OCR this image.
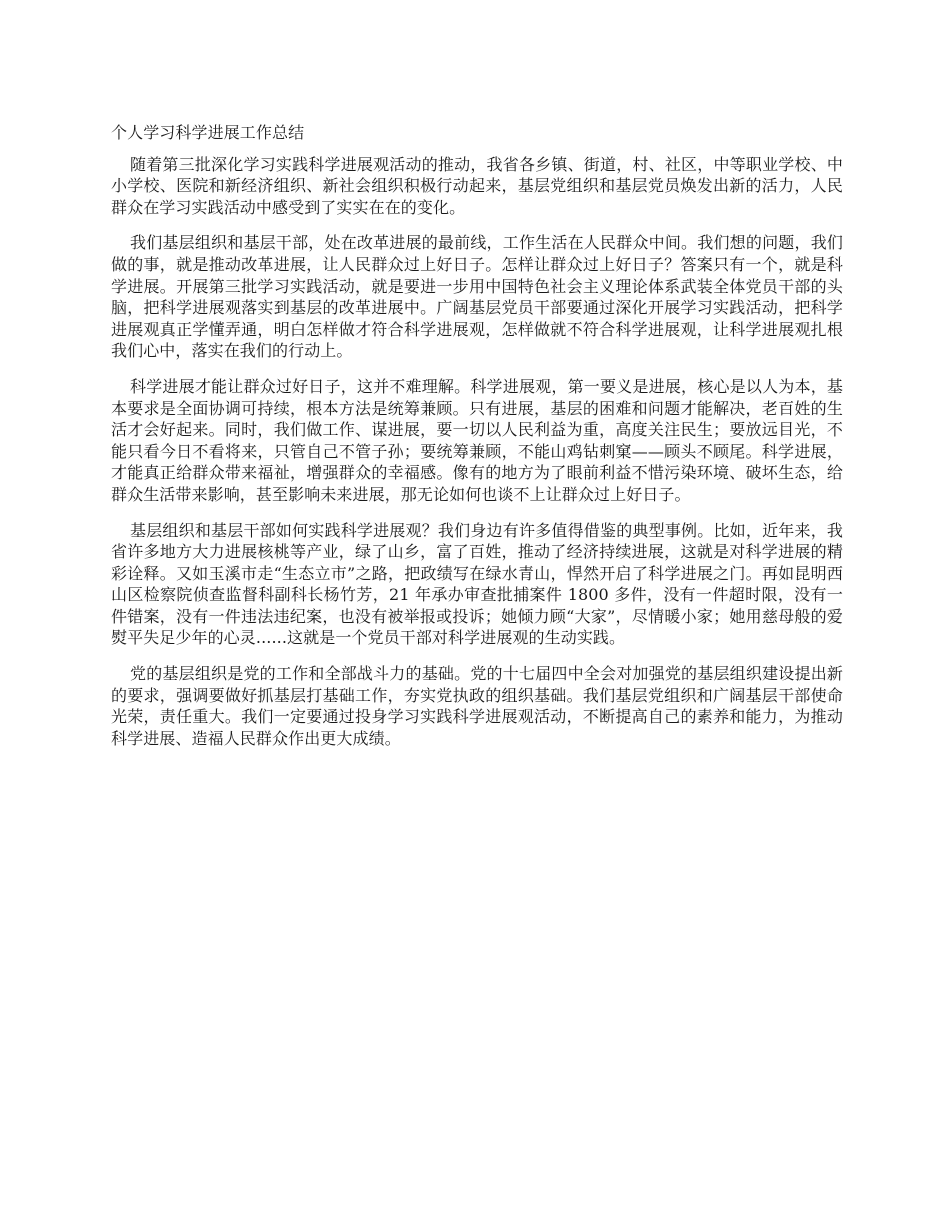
个人学习科学进展工作总结

随着第三批深化学习实践科学进展观活动的推动，我省各乡镇、街道，村、社区，中等职业学校、中小学校、医院和新经济组织、新社会组织积极行动起来，基层党组织和基层党员焕发出新的活力，人民群众在学习实践活动中感受到了实实在在的变化。

我们基层组织和基层干部，处在改革进展的最前线，工作生活在人民群众中间。我们想的问题，我们做的事，就是推动改革进展，让人民群众过上好日子。怎样让群众过上好日子？答案只有一个，就是科学进展。开展第三批学习实践活动，就是要进一步用中国特色社会主义理论体系武装全体党员干部的头脑，把科学进展观落实到基层的改革进展中。广阔基层党员干部要通过深化开展学习实践活动，把科学进展观真正学懂弄通，明白怎样做才符合科学进展观，怎样做就不符合科学进展观，让科学进展观扎根我们心中，落实在我们的行动上。

科学进展才能让群众过好日子，这并不难理解。科学进展观，第一要义是进展，核心是以人为本，基本要求是全面协调可持续，根本方法是统筹兼顾。只有进展，基层的困难和问题才能解决，老百姓的生活才会好起来。同时，我们做工作、谋进展，要一切以人民利益为重，高度关注民生；要放远目光，不能只看今日不看将来，只管自己不管子孙；要统筹兼顾，不能山鸡钻刺窠——顾头不顾尾。科学进展，才能真正给群众带来福祉，增强群众的幸福感。像有的地方为了眼前利益不惜污染环境、破坏生态，给群众生活带来影响，甚至影响未来进展，那无论如何也谈不上让群众过上好日子。

基层组织和基层干部如何实践科学进展观？我们身边有许多值得借鉴的典型事例。比如，近年来，我省许多地方大力进展核桃等产业，绿了山乡，富了百姓，推动了经济持续进展，这就是对科学进展的精彩诠释。又如玉溪市走“生态立市”之路，把政绩写在绿水青山，悍然开启了科学进展之门。再如昆明西山区检察院侦查监督科副科长杨竹芳，21 年承办审查批捕案件 1800 多件，没有一件超时限，没有一件错案，没有一件违法违纪案，也没有被举报或投诉；她倾力顾“大家”，尽情暖小家；她用慈母般的爱熨平失足少年的心灵......这就是一个党员干部对科学进展观的生动实践。

党的基层组织是党的工作和全部战斗力的基础。党的十七届四中全会对加强党的基层组织建设提出新的要求，强调要做好抓基层打基础工作，夯实党执政的组织基础。我们基层党组织和广阔基层干部使命光荣，责任重大。我们一定要通过投身学习实践科学进展观活动，不断提高自己的素养和能力，为推动科学进展、造福人民群众作出更大成绩。
